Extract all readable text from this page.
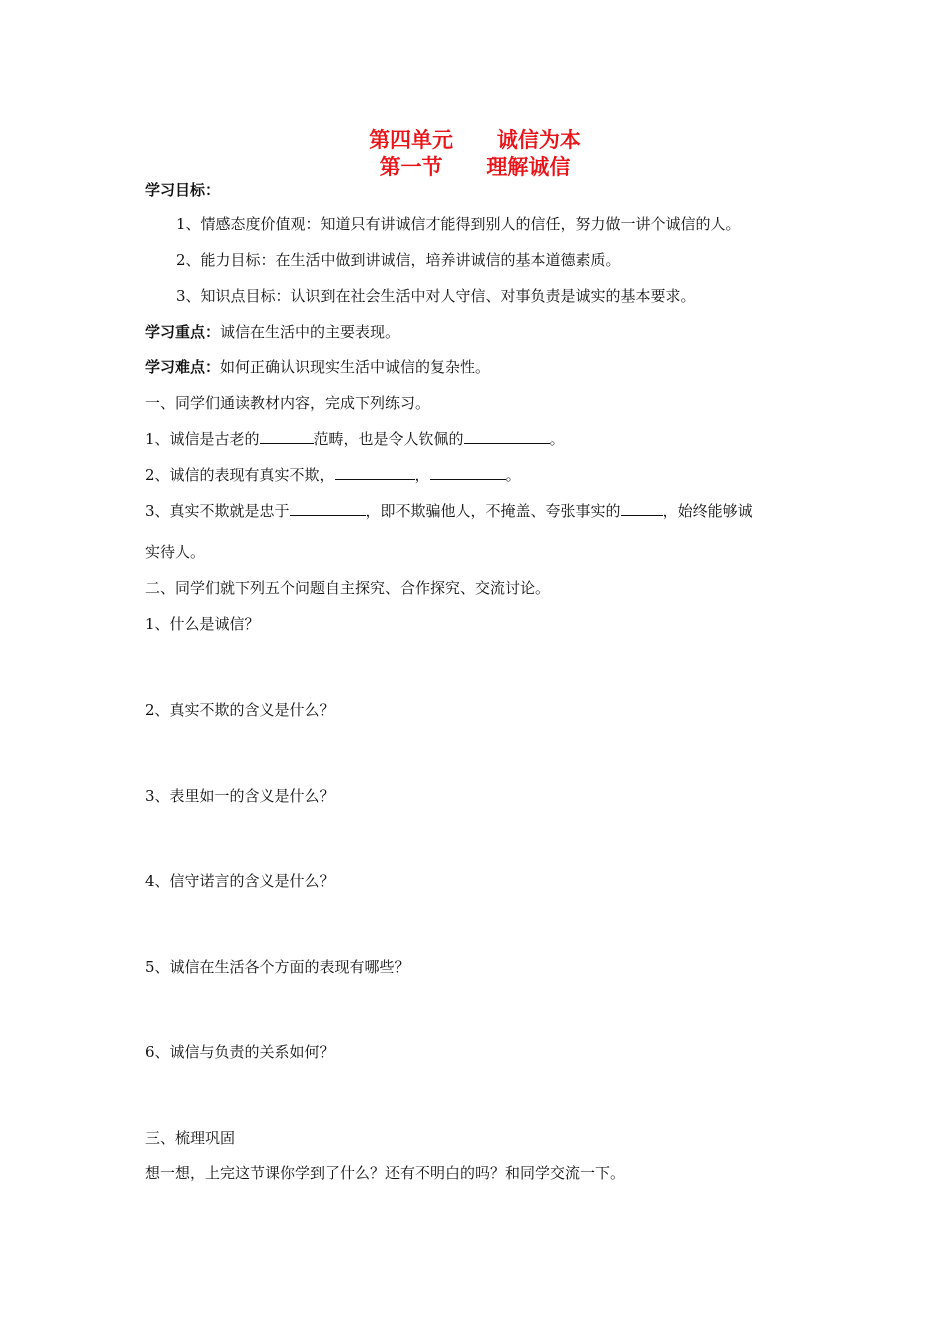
第四单元      诚信为本
第一节      理解诚信
学习目标：
1、情感态度价值观：知道只有讲诚信才能得到别人的信任，努力做一讲个诚信的人。
2、能力目标：在生活中做到讲诚信，培养讲诚信的基本道德素质。
3、知识点目标：认识到在社会生活中对人守信、对事负责是诚实的基本要求。
学习重点：诚信在生活中的主要表现。
学习难点：如何正确认识现实生活中诚信的复杂性。
一、同学们通读教材内容，完成下列练习。
1、诚信是古老的	范畴，也是令人钦佩的	。
2、诚信的表现有真实不欺，	，	。
3、真实不欺就是忠于	，即不欺骗他人，不掩盖、夸张事实的	，始终能够诚
实待人。
二、同学们就下列五个问题自主探究、合作探究、交流讨论。
1、什么是诚信？
2、真实不欺的含义是什么？
3、表里如一的含义是什么？
4、信守诺言的含义是什么？
5、诚信在生活各个方面的表现有哪些？
6、诚信与负责的关系如何？
三、梳理巩固
想一想，上完这节课你学到了什么？还有不明白的吗？和同学交流一下。
